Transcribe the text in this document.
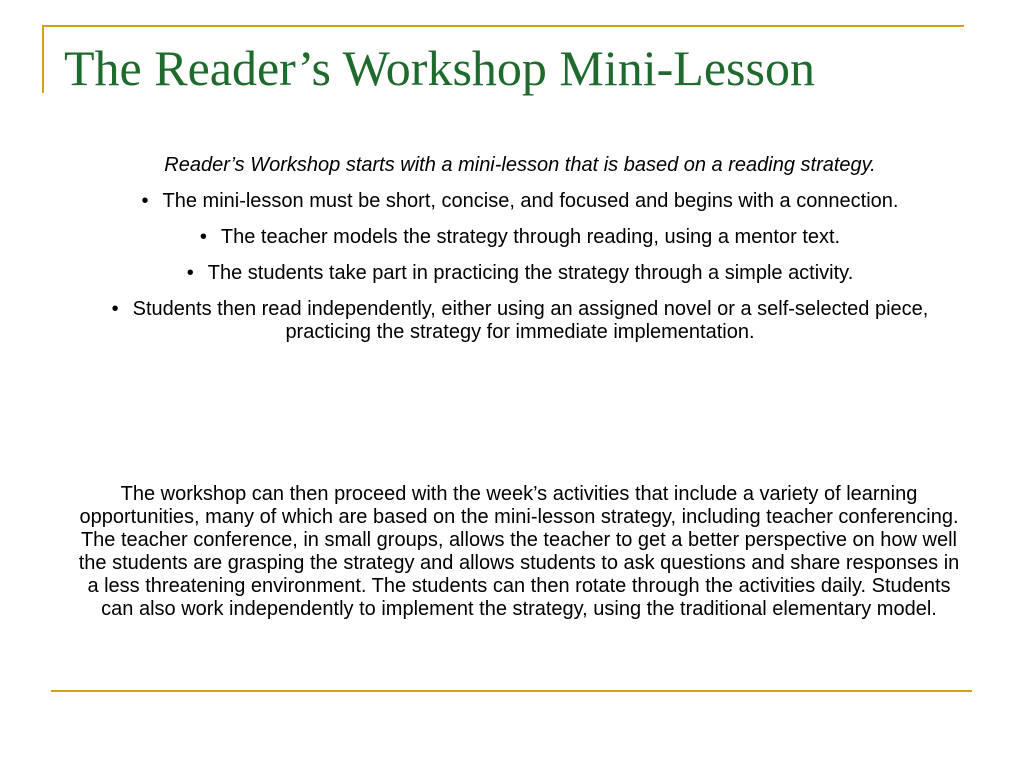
The Reader’s Workshop Mini-Lesson

Reader’s Workshop starts with a mini-lesson that is based on a reading strategy.

• The mini-lesson must be short, concise, and focused and begins with a connection.
• The teacher models the strategy through reading, using a mentor text.
• The students take part in practicing the strategy through a simple activity.
• Students then read independently, either using an assigned novel or a self-selected piece, practicing the strategy for immediate implementation.

The workshop can then proceed with the week’s activities that include a variety of learning opportunities, many of which are based on the mini-lesson strategy, including teacher conferencing. The teacher conference, in small groups, allows the teacher to get a better perspective on how well the students are grasping the strategy and allows students to ask questions and share responses in a less threatening environment. The students can then rotate through the activities daily. Students can also work independently to implement the strategy, using the traditional elementary model.
